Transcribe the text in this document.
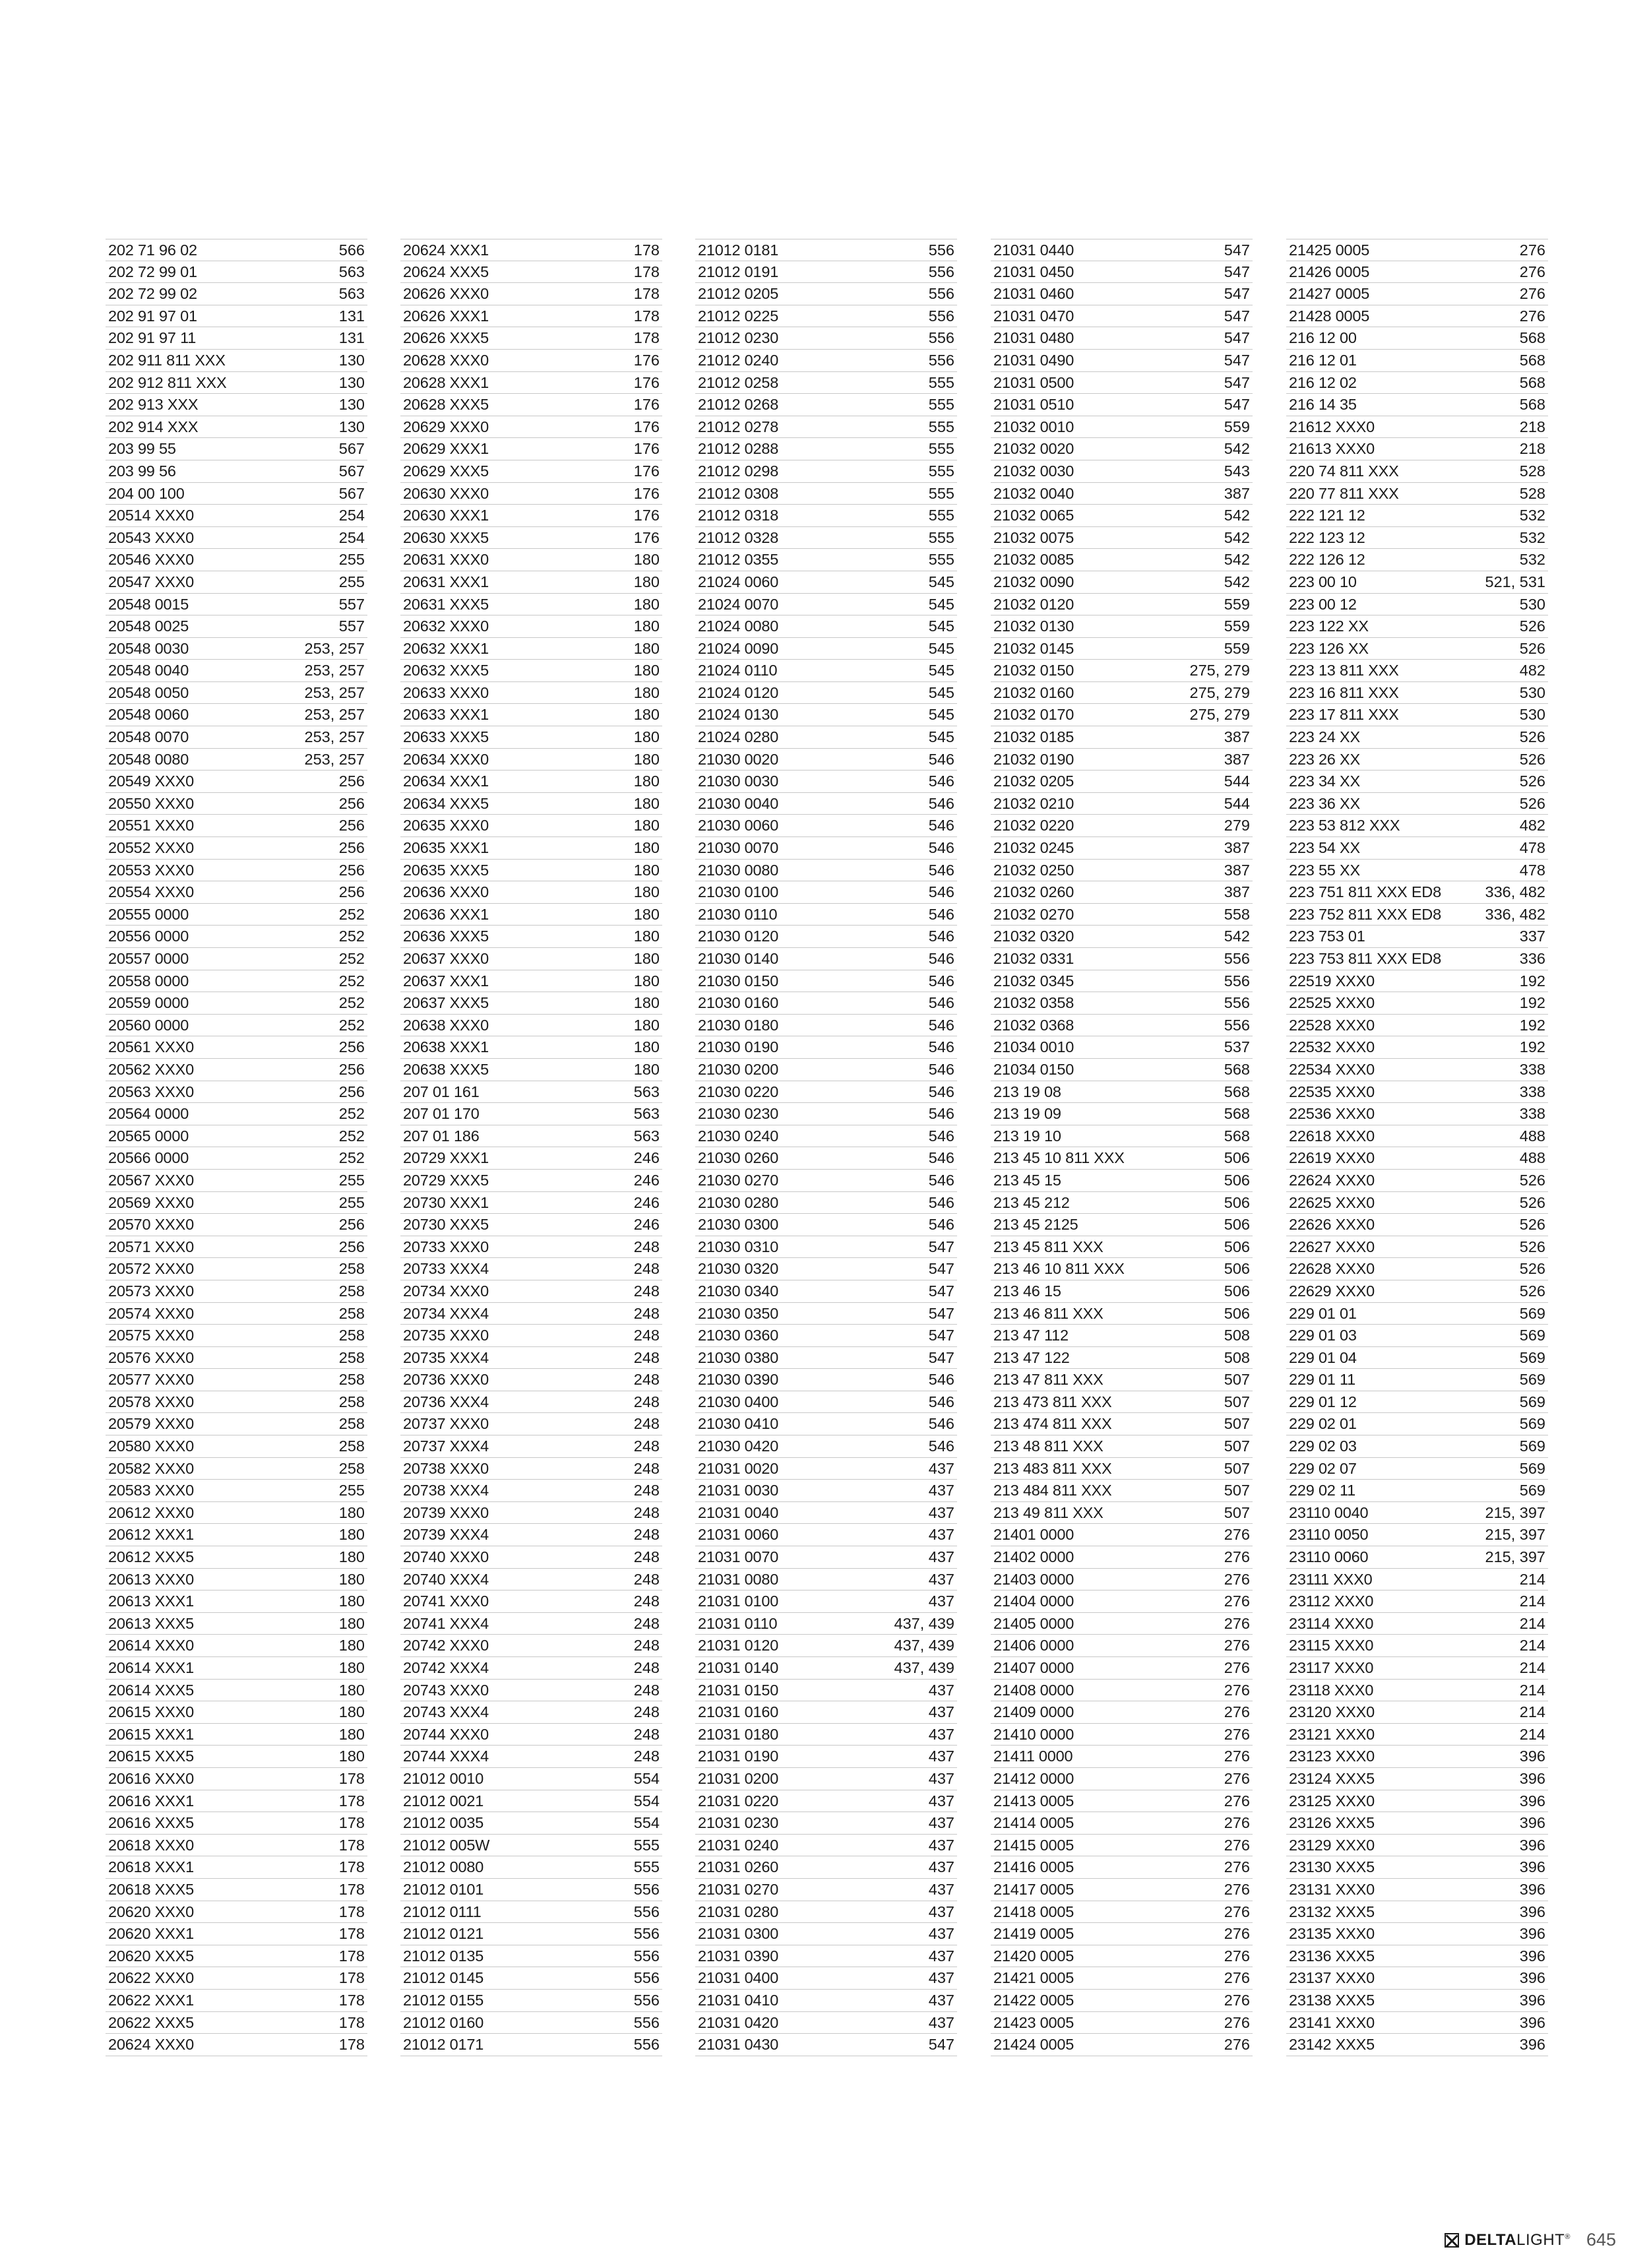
202 71 96 02	566
202 72 99 01	563
202 72 99 02	563
202 91 97 01	131
202 91 97 11	131
202 911 811 XXX	130
202 912 811 XXX	130
202 913 XXX	130
202 914 XXX	130
203 99 55	567
203 99 56	567
204 00 100	567
20514 XXX0	254
20543 XXX0	254
20546 XXX0	255
20547 XXX0	255
20548 0015	557
20548 0025	557
20548 0030	253, 257
20548 0040	253, 257
20548 0050	253, 257
20548 0060	253, 257
20548 0070	253, 257
20548 0080	253, 257
20549 XXX0	256
20550 XXX0	256
20551 XXX0	256
20552 XXX0	256
20553 XXX0	256
20554 XXX0	256
20555 0000	252
20556 0000	252
20557 0000	252
20558 0000	252
20559 0000	252
20560 0000	252
20561 XXX0	256
20562 XXX0	256
20563 XXX0	256
20564 0000	252
20565 0000	252
20566 0000	252
20567 XXX0	255
20569 XXX0	255
20570 XXX0	256
20571 XXX0	256
20572 XXX0	258
20573 XXX0	258
20574 XXX0	258
20575 XXX0	258
20576 XXX0	258
20577 XXX0	258
20578 XXX0	258
20579 XXX0	258
20580 XXX0	258
20582 XXX0	258
20583 XXX0	255
20612 XXX0	180
20612 XXX1	180
20612 XXX5	180
20613 XXX0	180
20613 XXX1	180
20613 XXX5	180
20614 XXX0	180
20614 XXX1	180
20614 XXX5	180
20615 XXX0	180
20615 XXX1	180
20615 XXX5	180
20616 XXX0	178
20616 XXX1	178
20616 XXX5	178
20618 XXX0	178
20618 XXX1	178
20618 XXX5	178
20620 XXX0	178
20620 XXX1	178
20620 XXX5	178
20622 XXX0	178
20622 XXX1	178
20622 XXX5	178
20624 XXX0	178
20624 XXX1	178
20624 XXX5	178
20626 XXX0	178
20626 XXX1	178
20626 XXX5	178
20628 XXX0	176
20628 XXX1	176
20628 XXX5	176
20629 XXX0	176
20629 XXX1	176
20629 XXX5	176
20630 XXX0	176
20630 XXX1	176
20630 XXX5	176
20631 XXX0	180
20631 XXX1	180
20631 XXX5	180
20632 XXX0	180
20632 XXX1	180
20632 XXX5	180
20633 XXX0	180
20633 XXX1	180
20633 XXX5	180
20634 XXX0	180
20634 XXX1	180
20634 XXX5	180
20635 XXX0	180
20635 XXX1	180
20635 XXX5	180
20636 XXX0	180
20636 XXX1	180
20636 XXX5	180
20637 XXX0	180
20637 XXX1	180
20637 XXX5	180
20638 XXX0	180
20638 XXX1	180
20638 XXX5	180
207 01 161	563
207 01 170	563
207 01 186	563
20729 XXX1	246
20729 XXX5	246
20730 XXX1	246
20730 XXX5	246
20733 XXX0	248
20733 XXX4	248
20734 XXX0	248
20734 XXX4	248
20735 XXX0	248
20735 XXX4	248
20736 XXX0	248
20736 XXX4	248
20737 XXX0	248
20737 XXX4	248
20738 XXX0	248
20738 XXX4	248
20739 XXX0	248
20739 XXX4	248
20740 XXX0	248
20740 XXX4	248
20741 XXX0	248
20741 XXX4	248
20742 XXX0	248
20742 XXX4	248
20743 XXX0	248
20743 XXX4	248
20744 XXX0	248
20744 XXX4	248
21012 0010	554
21012 0021	554
21012 0035	554
21012 005W	555
21012 0080	555
21012 0101	556
21012 0111	556
21012 0121	556
21012 0135	556
21012 0145	556
21012 0155	556
21012 0160	556
21012 0171	556
21012 0181	556
21012 0191	556
21012 0205	556
21012 0225	556
21012 0230	556
21012 0240	556
21012 0258	555
21012 0268	555
21012 0278	555
21012 0288	555
21012 0298	555
21012 0308	555
21012 0318	555
21012 0328	555
21012 0355	555
21024 0060	545
21024 0070	545
21024 0080	545
21024 0090	545
21024 0110	545
21024 0120	545
21024 0130	545
21024 0280	545
21030 0020	546
21030 0030	546
21030 0040	546
21030 0060	546
21030 0070	546
21030 0080	546
21030 0100	546
21030 0110	546
21030 0120	546
21030 0140	546
21030 0150	546
21030 0160	546
21030 0180	546
21030 0190	546
21030 0200	546
21030 0220	546
21030 0230	546
21030 0240	546
21030 0260	546
21030 0270	546
21030 0280	546
21030 0300	546
21030 0310	547
21030 0320	547
21030 0340	547
21030 0350	547
21030 0360	547
21030 0380	547
21030 0390	546
21030 0400	546
21030 0410	546
21030 0420	546
21031 0020	437
21031 0030	437
21031 0040	437
21031 0060	437
21031 0070	437
21031 0080	437
21031 0100	437
21031 0110	437, 439
21031 0120	437, 439
21031 0140	437, 439
21031 0150	437
21031 0160	437
21031 0180	437
21031 0190	437
21031 0200	437
21031 0220	437
21031 0230	437
21031 0240	437
21031 0260	437
21031 0270	437
21031 0280	437
21031 0300	437
21031 0390	437
21031 0400	437
21031 0410	437
21031 0420	437
21031 0430	547
21031 0440	547
21031 0450	547
21031 0460	547
21031 0470	547
21031 0480	547
21031 0490	547
21031 0500	547
21031 0510	547
21032 0010	559
21032 0020	542
21032 0030	543
21032 0040	387
21032 0065	542
21032 0075	542
21032 0085	542
21032 0090	542
21032 0120	559
21032 0130	559
21032 0145	559
21032 0150	275, 279
21032 0160	275, 279
21032 0170	275, 279
21032 0185	387
21032 0190	387
21032 0205	544
21032 0210	544
21032 0220	279
21032 0245	387
21032 0250	387
21032 0260	387
21032 0270	558
21032 0320	542
21032 0331	556
21032 0345	556
21032 0358	556
21032 0368	556
21034 0010	537
21034 0150	568
213 19 08	568
213 19 09	568
213 19 10	568
213 45 10 811 XXX	506
213 45 15	506
213 45 212	506
213 45 2125	506
213 45 811 XXX	506
213 46 10 811 XXX	506
213 46 15	506
213 46 811 XXX	506
213 47 112	508
213 47 122	508
213 47 811 XXX	507
213 473 811 XXX	507
213 474 811 XXX	507
213 48 811 XXX	507
213 483 811 XXX	507
213 484 811 XXX	507
213 49 811 XXX	507
21401 0000	276
21402 0000	276
21403 0000	276
21404 0000	276
21405 0000	276
21406 0000	276
21407 0000	276
21408 0000	276
21409 0000	276
21410 0000	276
21411 0000	276
21412 0000	276
21413 0005	276
21414 0005	276
21415 0005	276
21416 0005	276
21417 0005	276
21418 0005	276
21419 0005	276
21420 0005	276
21421 0005	276
21422 0005	276
21423 0005	276
21424 0005	276
21425 0005	276
21426 0005	276
21427 0005	276
21428 0005	276
216 12 00	568
216 12 01	568
216 12 02	568
216 14 35	568
21612 XXX0	218
21613 XXX0	218
220 74 811 XXX	528
220 77 811 XXX	528
222 121 12	532
222 123 12	532
222 126 12	532
223 00 10	521, 531
223 00 12	530
223 122 XX	526
223 126 XX	526
223 13 811 XXX	482
223 16 811 XXX	530
223 17 811 XXX	530
223 24 XX	526
223 26 XX	526
223 34 XX	526
223 36 XX	526
223 53 812 XXX	482
223 54 XX	478
223 55 XX	478
223 751 811 XXX ED8	336, 482
223 752 811 XXX ED8	336, 482
223 753 01	337
223 753 811 XXX ED8	336
22519 XXX0	192
22525 XXX0	192
22528 XXX0	192
22532 XXX0	192
22534 XXX0	338
22535 XXX0	338
22536 XXX0	338
22618 XXX0	488
22619 XXX0	488
22624 XXX0	526
22625 XXX0	526
22626 XXX0	526
22627 XXX0	526
22628 XXX0	526
22629 XXX0	526
229 01 01	569
229 01 03	569
229 01 04	569
229 01 11	569
229 01 12	569
229 02 01	569
229 02 03	569
229 02 07	569
229 02 11	569
23110 0040	215, 397
23110 0050	215, 397
23110 0060	215, 397
23111 XXX0	214
23112 XXX0	214
23114 XXX0	214
23115 XXX0	214
23117 XXX0	214
23118 XXX0	214
23120 XXX0	214
23121 XXX0	214
23123 XXX0	396
23124 XXX5	396
23125 XXX0	396
23126 XXX5	396
23129 XXX0	396
23130 XXX5	396
23131 XXX0	396
23132 XXX5	396
23135 XXX0	396
23136 XXX5	396
23137 XXX0	396
23138 XXX5	396
23141 XXX0	396
23142 XXX5	396
DELTALIGHT® 645
